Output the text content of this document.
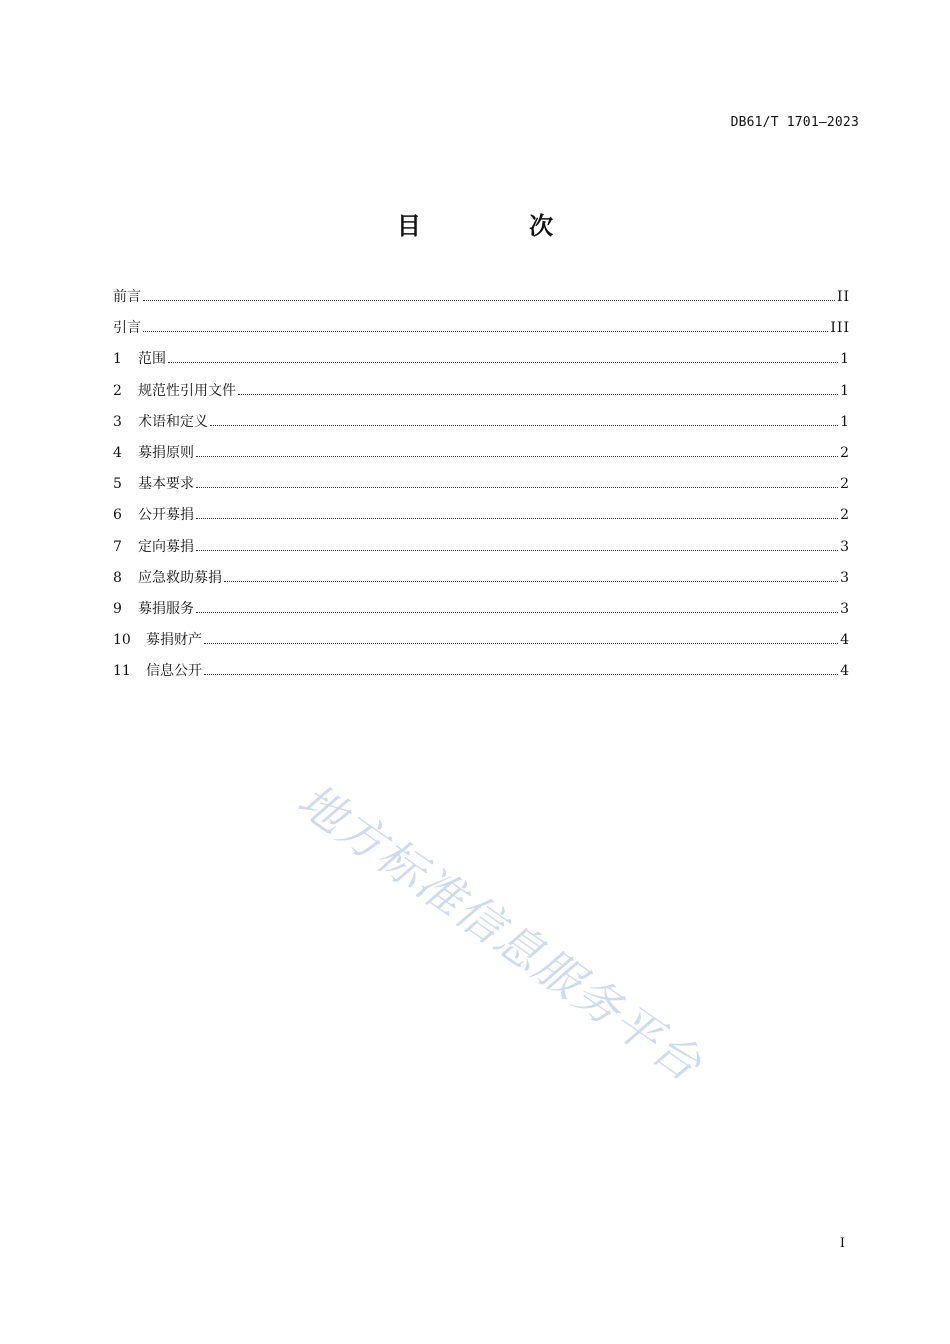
DB61/T 1701—2023
目 次
前言	II
引言	III
1	范围	1
2	规范性引用文件	1
3	术语和定义	1
4	募捐原则	2
5	基本要求	2
6	公开募捐	2
7	定向募捐	3
8	应急救助募捐	3
9	募捐服务	3
10	募捐财产	4
11	信息公开	4
地方标准信息服务平台
I
